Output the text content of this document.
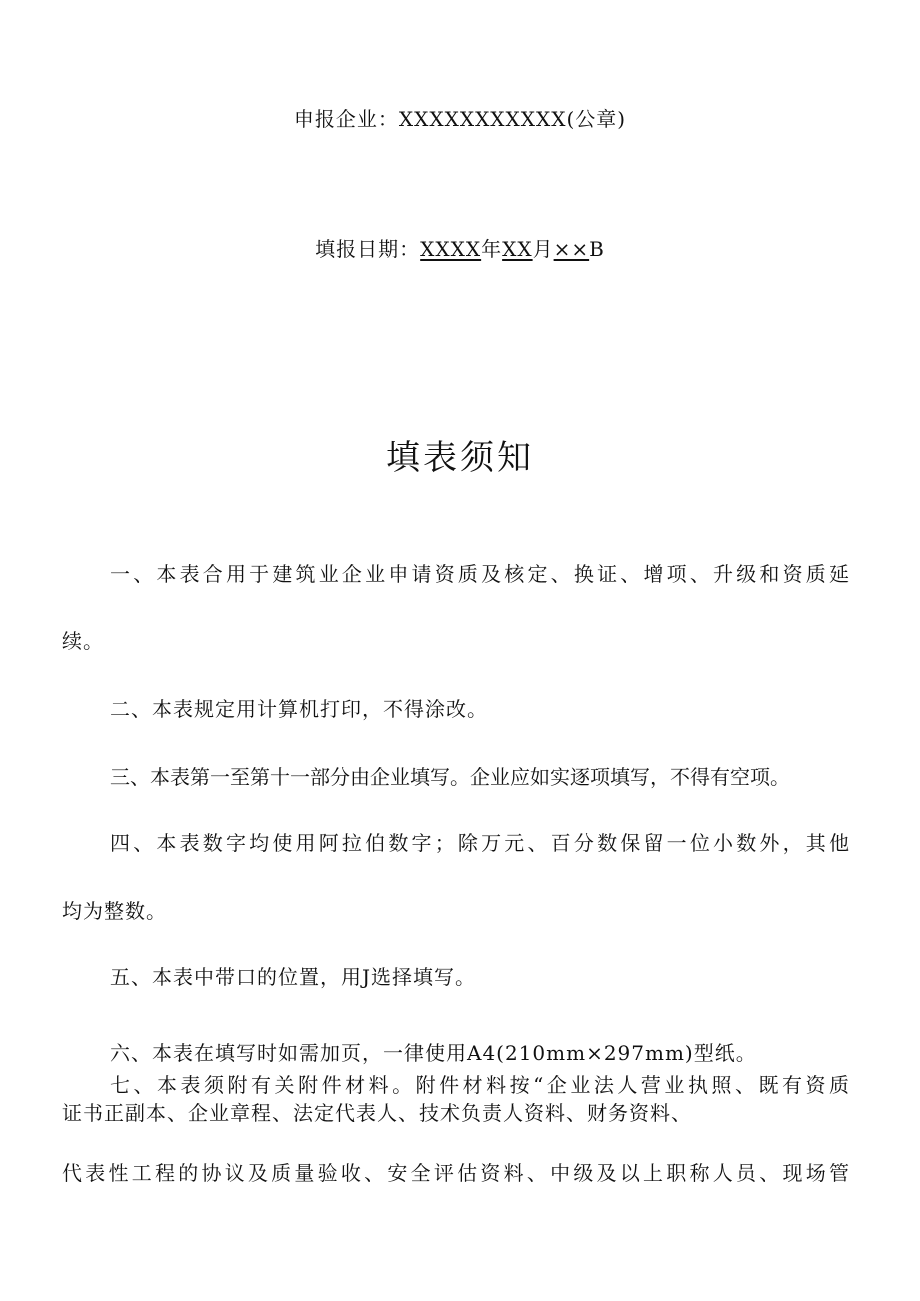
申报企业：XXXXXXXXXXX(公章)
填报日期：XXXX年XX月××B
填表须知
一、本表合用于建筑业企业申请资质及核定、换证、增项、升级和资质延
续。
二、本表规定用计算机打印，不得涂改。
三、本表第一至第十一部分由企业填写。企业应如实逐项填写，不得有空项。
四、本表数字均使用阿拉伯数字；除万元、百分数保留一位小数外，其他
均为整数。
五、本表中带口的位置，用J选择填写。
六、本表在填写时如需加页，一律使用A4(210mm×297mm)型纸。
七、本表须附有关附件材料。附件材料按“企业法人营业执照、既有资质
证书正副本、企业章程、法定代表人、技术负责人资料、财务资料、
代表性工程的协议及质量验收、安全评估资料、中级及以上职称人员、现场管
